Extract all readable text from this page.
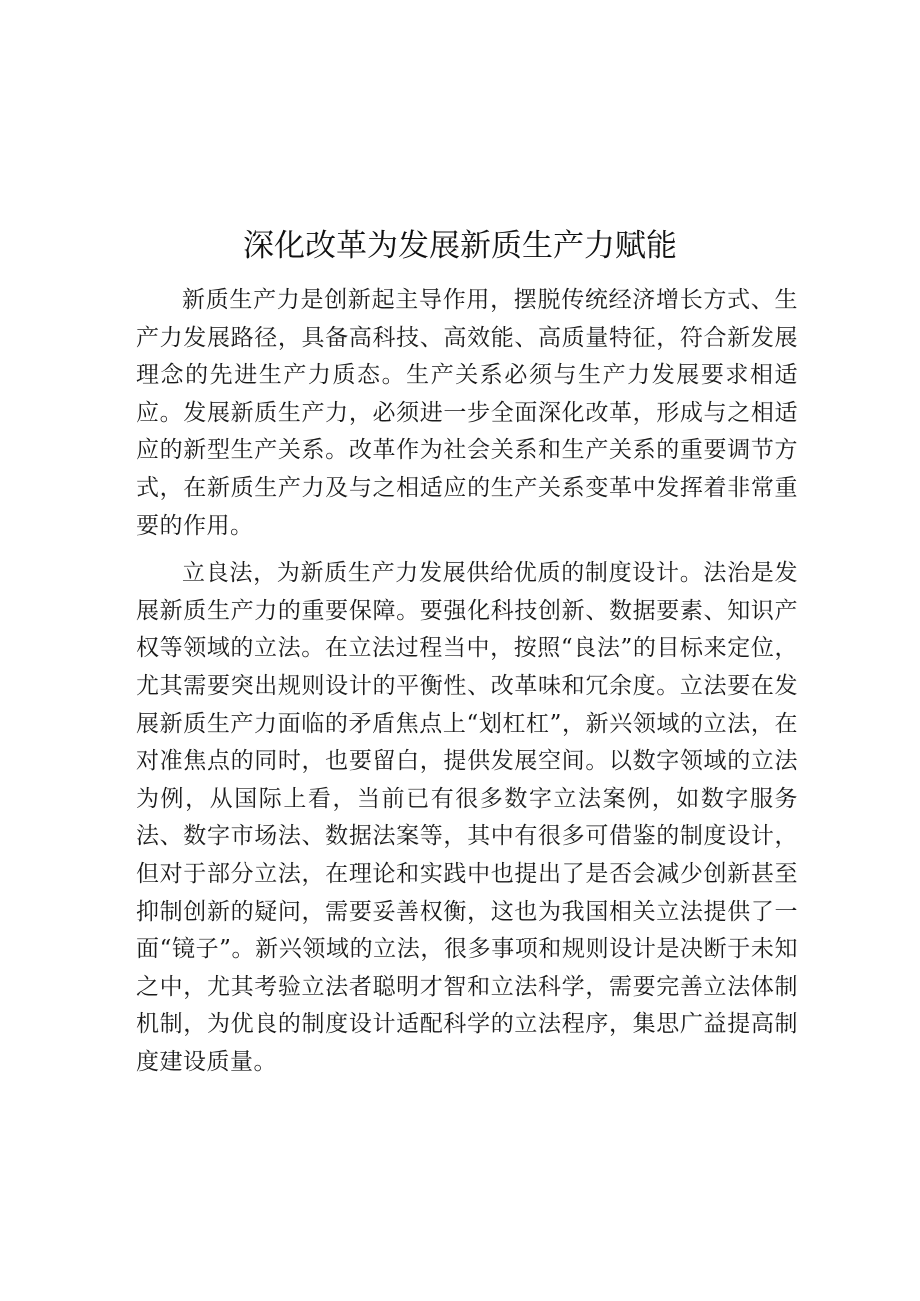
深化改革为发展新质生产力赋能

新质生产力是创新起主导作用，摆脱传统经济增长方式、生产力发展路径，具备高科技、高效能、高质量特征，符合新发展理念的先进生产力质态。生产关系必须与生产力发展要求相适应。发展新质生产力，必须进一步全面深化改革，形成与之相适应的新型生产关系。改革作为社会关系和生产关系的重要调节方式，在新质生产力及与之相适应的生产关系变革中发挥着非常重要的作用。

立良法，为新质生产力发展供给优质的制度设计。法治是发展新质生产力的重要保障。要强化科技创新、数据要素、知识产权等领域的立法。在立法过程当中，按照“良法”的目标来定位，尤其需要突出规则设计的平衡性、改革味和冗余度。立法要在发展新质生产力面临的矛盾焦点上“划杠杠”，新兴领域的立法，在对准焦点的同时，也要留白，提供发展空间。以数字领域的立法为例，从国际上看，当前已有很多数字立法案例，如数字服务法、数字市场法、数据法案等，其中有很多可借鉴的制度设计，但对于部分立法，在理论和实践中也提出了是否会减少创新甚至抑制创新的疑问，需要妥善权衡，这也为我国相关立法提供了一面“镜子”。新兴领域的立法，很多事项和规则设计是决断于未知之中，尤其考验立法者聪明才智和立法科学，需要完善立法体制机制，为优良的制度设计适配科学的立法程序，集思广益提高制度建设质量。
